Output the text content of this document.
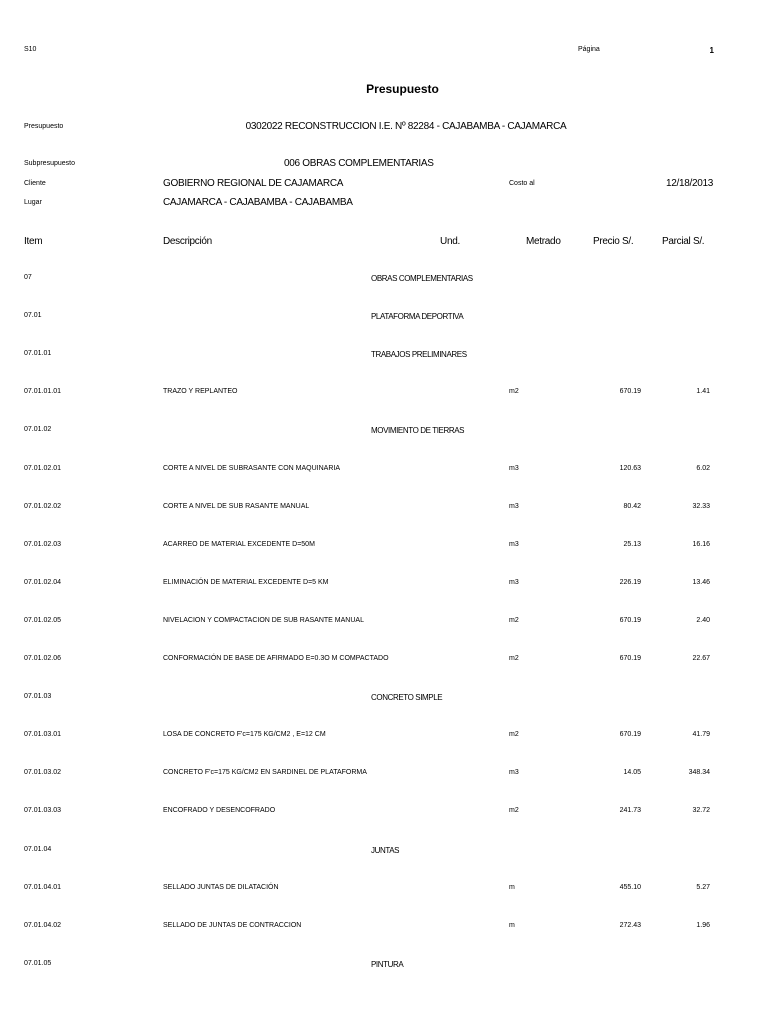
S10	Página	1
Presupuesto
Presupuesto	0302022 RECONSTRUCCION I.E. Nº 82284 - CAJABAMBA - CAJAMARCA
Subpresupuesto	006 OBRAS COMPLEMENTARIAS
Cliente	GOBIERNO REGIONAL DE CAJAMARCA	Costo al	12/18/2013
Lugar	CAJAMARCA - CAJABAMBA - CAJABAMBA
Item	Descripción	Und.	Metrado	Precio S/.	Parcial S/.
07	OBRAS COMPLEMENTARIAS
07.01	PLATAFORMA DEPORTIVA
07.01.01	TRABAJOS PRELIMINARES
07.01.01.01	TRAZO Y REPLANTEO	m2	670.19	1.41
07.01.02	MOVIMIENTO DE TIERRAS
07.01.02.01	CORTE A NIVEL DE SUBRASANTE CON MAQUINARIA	m3	120.63	6.02
07.01.02.02	CORTE A NIVEL DE SUB RASANTE MANUAL	m3	80.42	32.33
07.01.02.03	ACARREO DE MATERIAL EXCEDENTE D=50M	m3	25.13	16.16
07.01.02.04	ELIMINACIÓN DE MATERIAL EXCEDENTE D=5 KM	m3	226.19	13.46
07.01.02.05	NIVELACION Y COMPACTACION DE SUB RASANTE MANUAL	m2	670.19	2.40
07.01.02.06	CONFORMACIÓN DE BASE DE AFIRMADO E=0.3O M COMPACTADO	m2	670.19	22.67
07.01.03	CONCRETO SIMPLE
07.01.03.01	LOSA DE CONCRETO F'c=175 KG/CM2 , E=12 CM	m2	670.19	41.79
07.01.03.02	CONCRETO F'c=175 KG/CM2 EN SARDINEL DE PLATAFORMA	m3	14.05	348.34
07.01.03.03	ENCOFRADO Y DESENCOFRADO	m2	241.73	32.72
07.01.04	JUNTAS
07.01.04.01	SELLADO JUNTAS DE DILATACIÓN	m	455.10	5.27
07.01.04.02	SELLADO DE JUNTAS DE CONTRACCION	m	272.43	1.96
07.01.05	PINTURA
